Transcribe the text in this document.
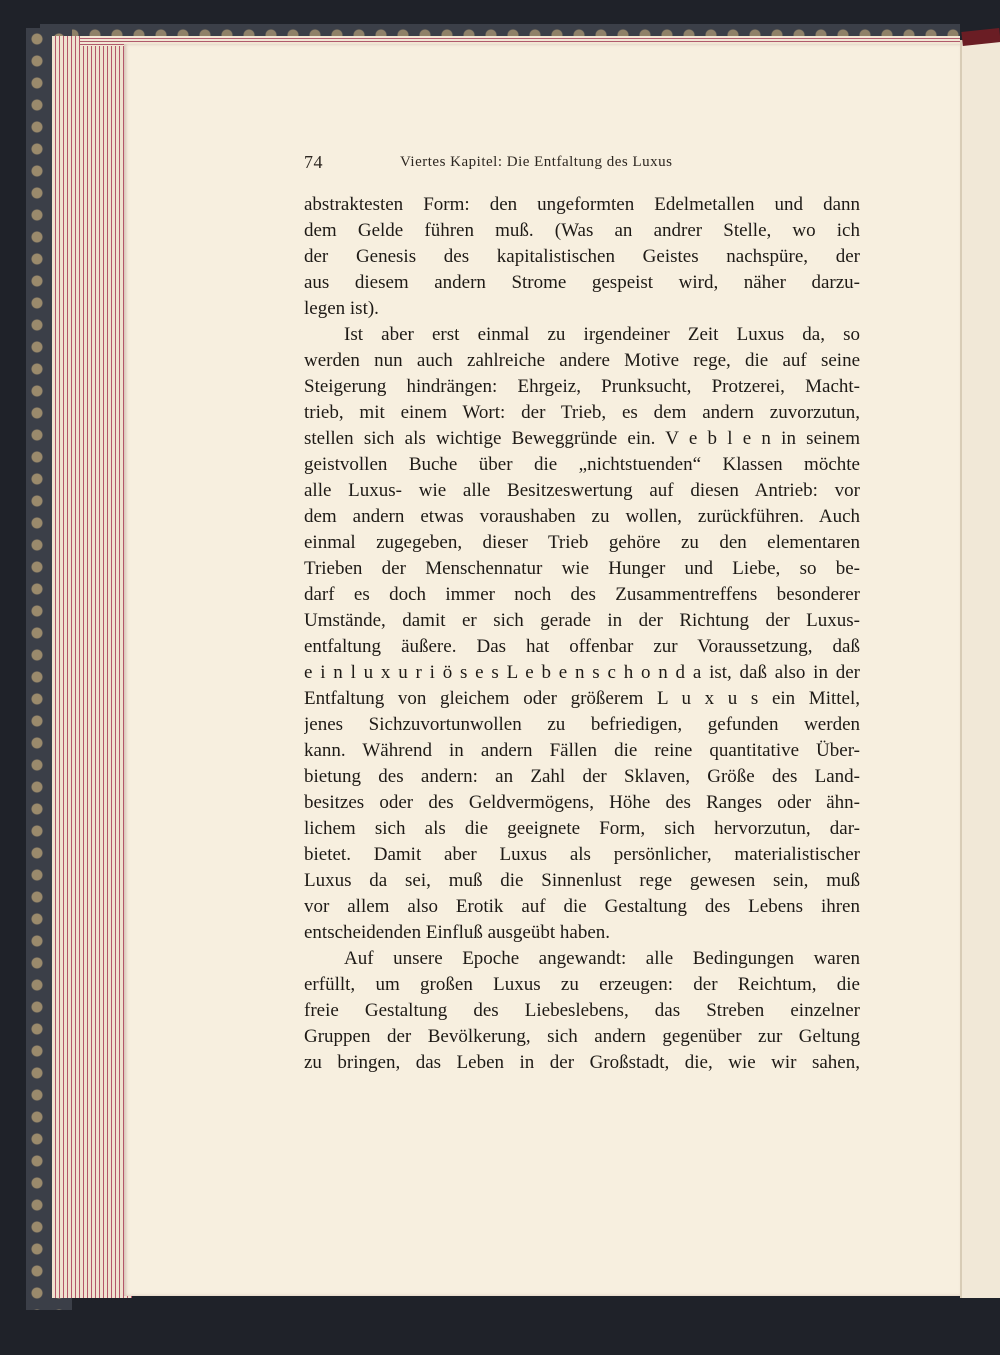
74	Viertes Kapitel: Die Entfaltung des Luxus
abstraktesten Form: den ungeformten Edelmetallen und dann
dem Gelde führen muß. (Was an andrer Stelle, wo ich
der Genesis des kapitalistischen Geistes nachspüre, der
aus diesem andern Strome gespeist wird, näher darzu-
legen ist).
Ist aber erst einmal zu irgendeiner Zeit Luxus da, so
werden nun auch zahlreiche andere Motive rege, die auf seine
Steigerung hindrängen: Ehrgeiz, Prunksucht, Protzerei, Macht-
trieb, mit einem Wort: der Trieb, es dem andern zuvorzutun,
stellen sich als wichtige Beweggründe ein. V e b l e n in seinem
geistvollen Buche über die „nichtstuenden“ Klassen möchte
alle Luxus- wie alle Besitzeswertung auf diesen Antrieb: vor
dem andern etwas voraushaben zu wollen, zurückführen. Auch
einmal zugegeben, dieser Trieb gehöre zu den elementaren
Trieben der Menschennatur wie Hunger und Liebe, so be-
darf es doch immer noch des Zusammentreffens besonderer
Umstände, damit er sich gerade in der Richtung der Luxus-
entfaltung äußere. Das hat offenbar zur Voraussetzung, daß
e i n l u x u r i ö s e s L e b e n s c h o n d a ist, daß also in der
Entfaltung von gleichem oder größerem L u x u s ein Mittel,
jenes Sichzuvortunwollen zu befriedigen, gefunden werden
kann. Während in andern Fällen die reine quantitative Über-
bietung des andern: an Zahl der Sklaven, Größe des Land-
besitzes oder des Geldvermögens, Höhe des Ranges oder ähn-
lichem sich als die geeignete Form, sich hervorzutun, dar-
bietet. Damit aber Luxus als persönlicher, materialistischer
Luxus da sei, muß die Sinnenlust rege gewesen sein, muß
vor allem also Erotik auf die Gestaltung des Lebens ihren
entscheidenden Einfluß ausgeübt haben.
Auf unsere Epoche angewandt: alle Bedingungen waren
erfüllt, um großen Luxus zu erzeugen: der Reichtum, die
freie Gestaltung des Liebeslebens, das Streben einzelner
Gruppen der Bevölkerung, sich andern gegenüber zur Geltung
zu bringen, das Leben in der Großstadt, die, wie wir sahen,
